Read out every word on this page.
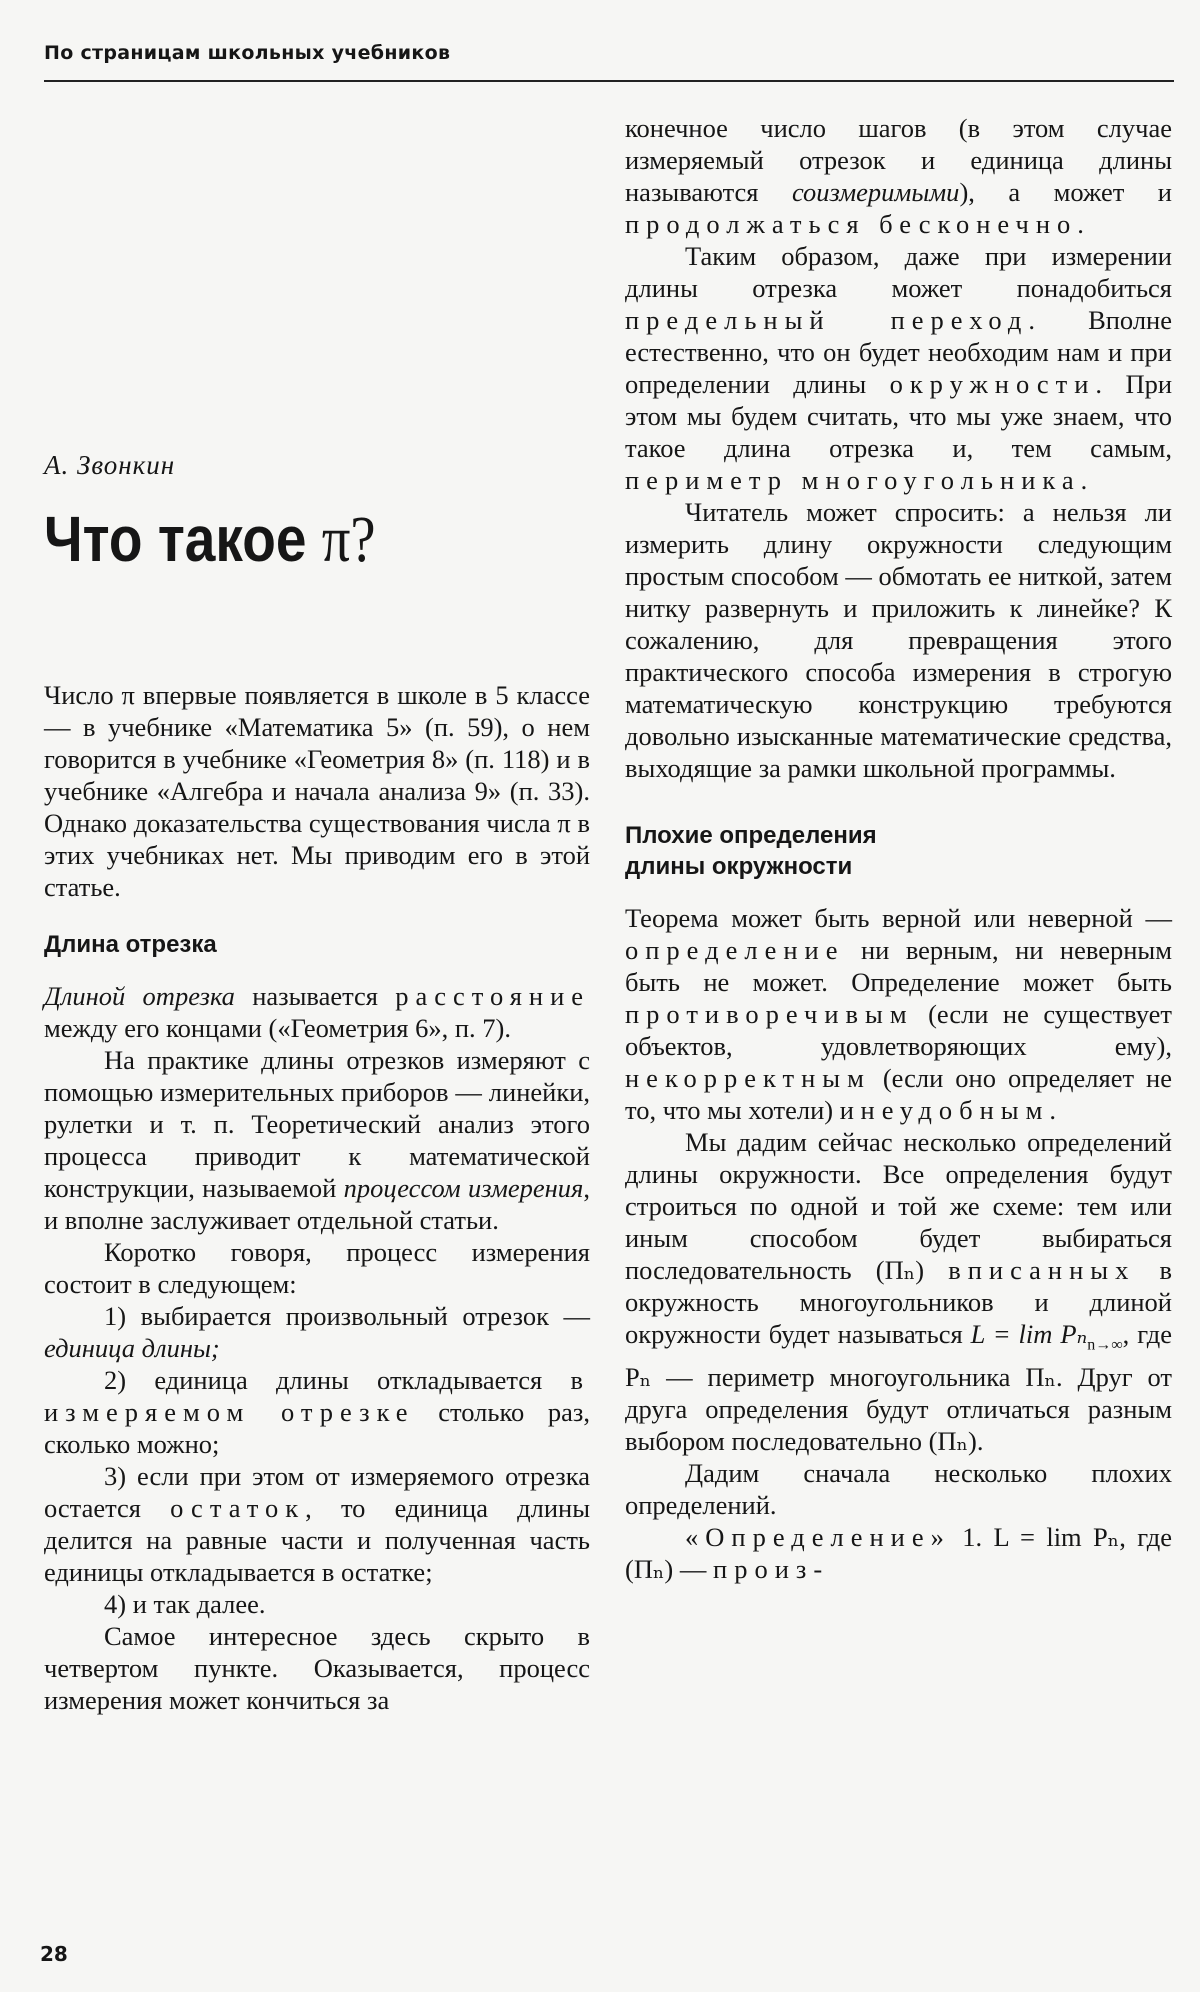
По страницам школьных учебников
А. Звонкин
Что такое π?

Число π впервые появляется в школе в 5 классе — в учебнике «Математика 5» (п. 59), о нем говорится в учебнике «Геометрия 8» (п. 118) и в учебнике «Алгебра и начала анализа 9» (п. 33). Однако доказательства существования числа π в этих учебниках нет. Мы приводим его в этой статье.

Длина отрезка

Длиной отрезка называется расстояние между его концами («Геометрия 6», п. 7).

На практике длины отрезков измеряют с помощью измерительных приборов — линейки, рулетки и т. п. Теоретический анализ этого процесса приводит к математической конструкции, называемой процессом измерения, и вполне заслуживает отдельной статьи.

Коротко говоря, процесс измерения состоит в следующем:

1) выбирается произвольный отрезок — единица длины;

2) единица длины откладывается в измеряемом отрезке столько раз, сколько можно;

3) если при этом от измеряемого отрезка остается остаток, то единица длины делится на равные части и полученная часть единицы откладывается в остатке;

4) и так далее.

Самое интересное здесь скрыто в четвертом пункте. Оказывается, процесс измерения может кончиться за

конечное число шагов (в этом случае измеряемый отрезок и единица длины называются соизмеримыми), а может и продолжаться бесконечно.

Таким образом, даже при измерении длины отрезка может понадобиться предельный переход. Вполне естественно, что он будет необходим нам и при определении длины окружности. При этом мы будем считать, что мы уже знаем, что такое длина отрезка и, тем самым, периметр многоугольника.

Читатель может спросить: а нельзя ли измерить длину окружности следующим простым способом — обмотать ее ниткой, затем нитку развернуть и приложить к линейке? К сожалению, для превращения этого практического способа измерения в строгую математическую конструкцию требуются довольно изысканные математические средства, выходящие за рамки школьной программы.

Плохие определения
длины окружности

Теорема может быть верной или неверной — определение ни верным, ни неверным быть не может. Определение может быть противоречивым (если не существует объектов, удовлетворяющих ему), некорректным (если оно определяет не то, что мы хотели) и неудобным.

Мы дадим сейчас несколько определений длины окружности. Все определения будут строиться по одной и той же схеме: тем или иным способом будет выбираться последовательность (Πₙ) вписанных в окружность многоугольников и длиной окружности будет называться L = lim Pₙ$_{n\to\infty}$, где Pₙ — периметр многоугольника Πₙ. Друг от друга определения будут отличаться разным выбором последовательно (Πₙ).

Дадим сначала несколько плохих определений.

«Определение» 1. L = lim Pₙ, где (Πₙ) — произ-

28
